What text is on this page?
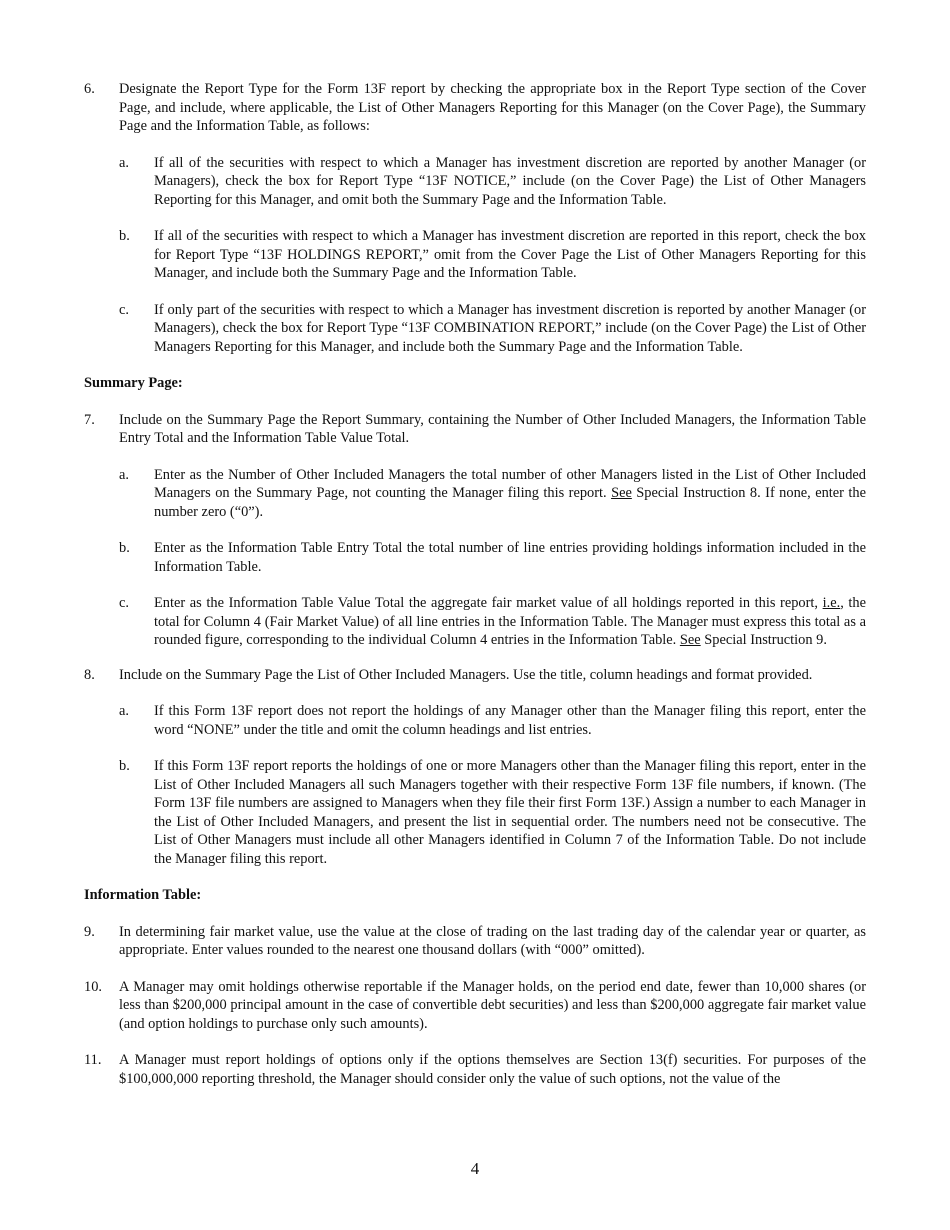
6. Designate the Report Type for the Form 13F report by checking the appropriate box in the Report Type section of the Cover Page, and include, where applicable, the List of Other Managers Reporting for this Manager (on the Cover Page), the Summary Page and the Information Table, as follows:
a. If all of the securities with respect to which a Manager has investment discretion are reported by another Manager (or Managers), check the box for Report Type “13F NOTICE,” include (on the Cover Page) the List of Other Managers Reporting for this Manager, and omit both the Summary Page and the Information Table.
b. If all of the securities with respect to which a Manager has investment discretion are reported in this report, check the box for Report Type “13F HOLDINGS REPORT,” omit from the Cover Page the List of Other Managers Reporting for this Manager, and include both the Summary Page and the Information Table.
c. If only part of the securities with respect to which a Manager has investment discretion is reported by another Manager (or Managers), check the box for Report Type “13F COMBINATION REPORT,” include (on the Cover Page) the List of Other Managers Reporting for this Manager, and include both the Summary Page and the Information Table.
Summary Page:
7. Include on the Summary Page the Report Summary, containing the Number of Other Included Managers, the Information Table Entry Total and the Information Table Value Total.
a. Enter as the Number of Other Included Managers the total number of other Managers listed in the List of Other Included Managers on the Summary Page, not counting the Manager filing this report. See Special Instruction 8. If none, enter the number zero (“0”).
b. Enter as the Information Table Entry Total the total number of line entries providing holdings information included in the Information Table.
c. Enter as the Information Table Value Total the aggregate fair market value of all holdings reported in this report, i.e., the total for Column 4 (Fair Market Value) of all line entries in the Information Table. The Manager must express this total as a rounded figure, corresponding to the individual Column 4 entries in the Information Table. See Special Instruction 9.
8. Include on the Summary Page the List of Other Included Managers. Use the title, column headings and format provided.
a. If this Form 13F report does not report the holdings of any Manager other than the Manager filing this report, enter the word “NONE” under the title and omit the column headings and list entries.
b. If this Form 13F report reports the holdings of one or more Managers other than the Manager filing this report, enter in the List of Other Included Managers all such Managers together with their respective Form 13F file numbers, if known. (The Form 13F file numbers are assigned to Managers when they file their first Form 13F.) Assign a number to each Manager in the List of Other Included Managers, and present the list in sequential order. The numbers need not be consecutive. The List of Other Managers must include all other Managers identified in Column 7 of the Information Table. Do not include the Manager filing this report.
Information Table:
9. In determining fair market value, use the value at the close of trading on the last trading day of the calendar year or quarter, as appropriate. Enter values rounded to the nearest one thousand dollars (with “000” omitted).
10. A Manager may omit holdings otherwise reportable if the Manager holds, on the period end date, fewer than 10,000 shares (or less than $200,000 principal amount in the case of convertible debt securities) and less than $200,000 aggregate fair market value (and option holdings to purchase only such amounts).
11. A Manager must report holdings of options only if the options themselves are Section 13(f) securities. For purposes of the $100,000,000 reporting threshold, the Manager should consider only the value of such options, not the value of the
4
